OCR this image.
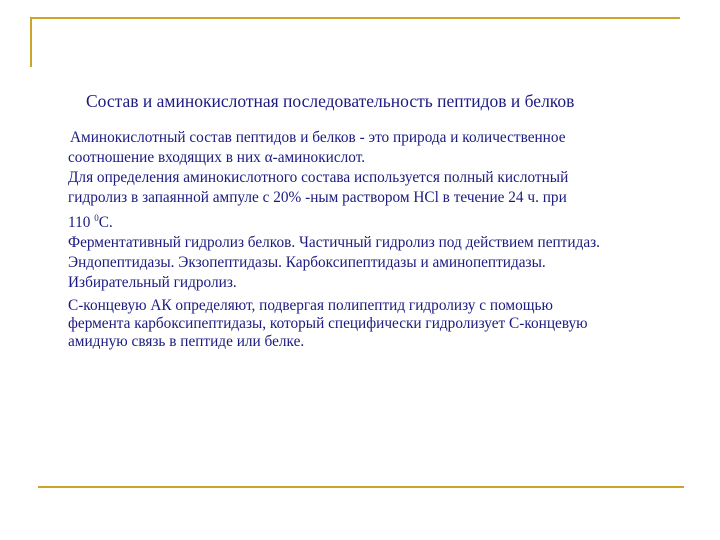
Состав и аминокислотная последовательность пептидов и белков

Аминокислотный состав пептидов и белков - это природа и количественное

соотношение входящих в них α-аминокислот.

Для определения аминокислотного состава используется полный кислотный

гидролиз в запаянной ампуле с 20% -ным раствором HCl в течение 24 ч. при

110 $^0$С.

Ферментативный гидролиз белков. Частичный гидролиз под действием пептидаз.

Эндопептидазы. Экзопептидазы. Карбоксипептидазы и аминопептидазы.

Избирательный гидролиз.

С-концевую АК определяют, подвергая полипептид гидролизу с помощью

фермента карбоксипептидазы, который специфически гидролизует С-концевую

амидную связь в пептиде или белке.
